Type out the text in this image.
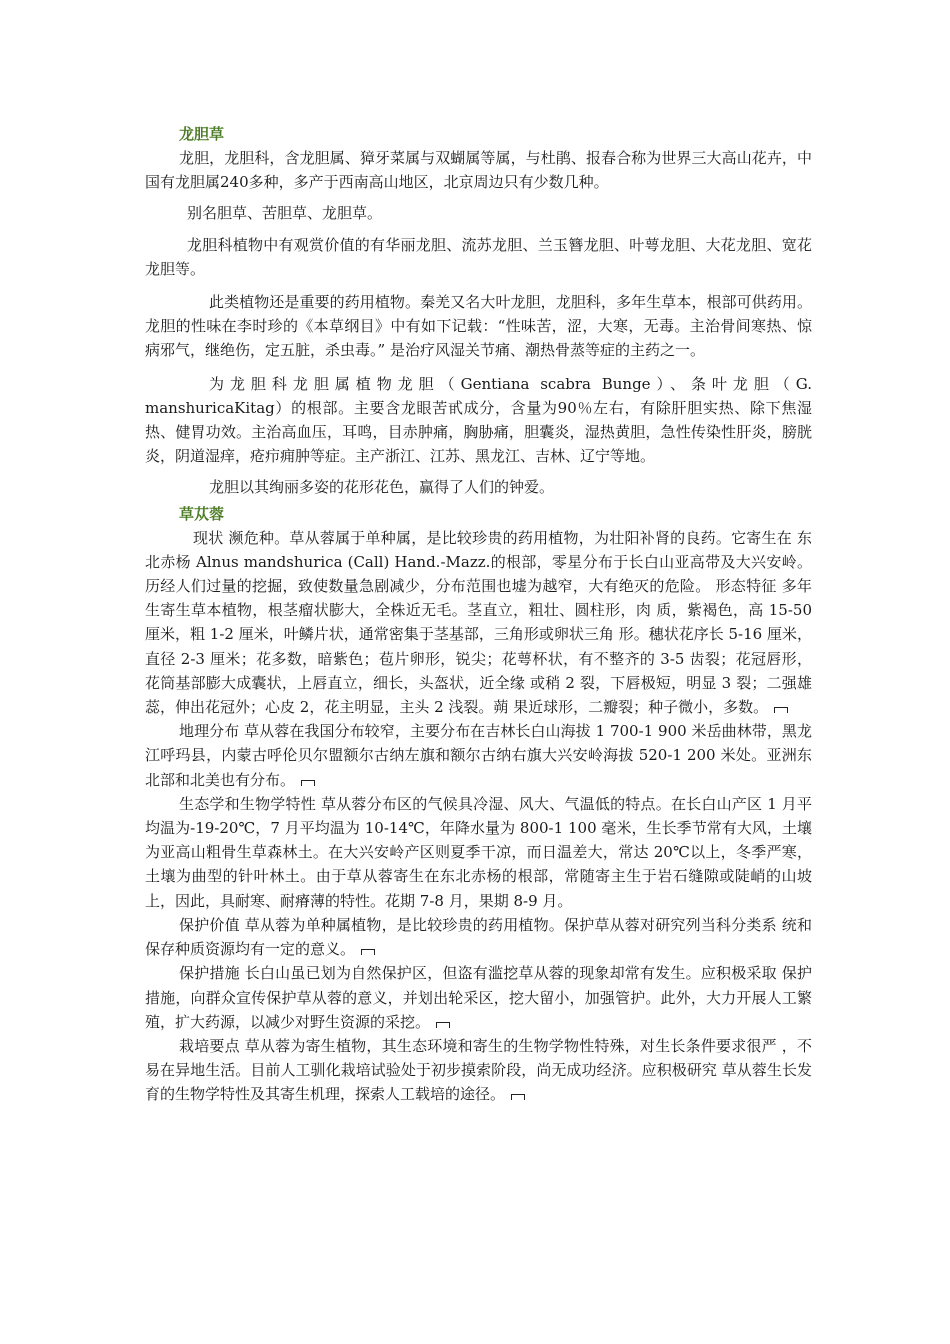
龙胆草

龙胆，龙胆科，含龙胆属、獐牙菜属与双蝴属等属，与杜鹃、报春合称为世界三大高山花卉，中国有龙胆属240多种，多产于西南高山地区，北京周边只有少数几种。

别名胆草、苦胆草、龙胆草。

龙胆科植物中有观赏价值的有华丽龙胆、流苏龙胆、兰玉簪龙胆、叶萼龙胆、大花龙胆、宽花龙胆等。

此类植物还是重要的药用植物。秦羌又名大叶龙胆，龙胆科，多年生草本，根部可供药用。龙胆的性味在李时珍的《本草纲目》中有如下记载：“性味苦，涩，大寒，无毒。主治骨间寒热、惊病邪气，继绝伤，定五脏，杀虫毒。” 是治疗风湿关节痛、潮热骨蒸等症的主药之一。

为龙胆科龙胆属植物龙胆（Gentiana scabra Bunge）、条叶龙胆（G. manshuricaKitag）的根部。主要含龙眼苦甙成分，含量为90％左右，有除肝胆实热、除下焦湿热、健胃功效。主治高血压，耳鸣，目赤肿痛，胸胁痛，胆囊炎，湿热黄胆，急性传染性肝炎，膀胱炎，阴道湿痒，疮疖痈肿等症。主产浙江、江苏、黑龙江、吉林、辽宁等地。

龙胆以其绚丽多姿的花形花色，赢得了人们的钟爱。

草苁蓉

现状 濒危种。草从蓉属于单种属，是比较珍贵的药用植物，为壮阳补肾的良药。它寄生在 东北赤杨 Alnus mandshurica (Call) Hand.-Mazz.的根部，零星分布于长白山亚高带及大兴安岭。历经人们过量的挖掘，致使数量急剧减少，分布范围也墟为越窄，大有绝灭的危险。 形态特征 多年生寄生草本植物，根茎瘤状膨大，全株近无毛。茎直立，粗壮、圆柱形，肉 质，紫褐色，高 15-50 厘米，粗 1-2 厘米，叶鳞片状，通常密集于茎基部，三角形或卵状三角 形。穗状花序长 5-16 厘米，直径 2-3 厘米；花多数，暗紫色；苞片卵形，锐尖；花萼杯状，有不整齐的 3-5 齿裂；花冠唇形，花筒基部膨大成囊状，上唇直立，细长，头盔状，近全缘 或稍 2 裂，下唇极短，明显 3 裂；二强雄蕊，伸出花冠外；心皮 2，花主明显，主头 2 浅裂。蒴 果近球形，二瓣裂；种子微小，多数。

地理分布 草从蓉在我国分布较窄，主要分布在吉林长白山海拔 1 700-1 900 米岳曲林带，黑龙江呼玛县，内蒙古呼伦贝尔盟额尔古纳左旗和额尔古纳右旗大兴安岭海拔 520-1 200 米处。亚洲东北部和北美也有分布。

生态学和生物学特性 草从蓉分布区的气候具冷湿、风大、气温低的特点。在长白山产区 1 月平均温为-19-20℃，7 月平均温为 10-14℃，年降水量为 800-1 100 毫米，生长季节常有大风，土壤为亚高山粗骨生草森林土。在大兴安岭产区则夏季干凉，而日温差大，常达 20℃以上，冬季严寒，土壤为曲型的针叶林土。由于草从蓉寄生在东北赤杨的根部，常随寄主生于岩石缝隙或陡峭的山坡上，因此，具耐寒、耐瘠薄的特性。花期 7-8 月，果期 8-9 月。

保护价值 草从蓉为单种属植物，是比较珍贵的药用植物。保护草从蓉对研究列当科分类系 统和保存种质资源均有一定的意义。

保护措施 长白山虽已划为自然保护区，但盗有滥挖草从蓉的现象却常有发生。应积极采取 保护措施，向群众宣传保护草从蓉的意义，并划出轮采区，挖大留小，加强管护。此外，大力开展人工繁殖，扩大药源，以减少对野生资源的采挖。

栽培要点 草从蓉为寄生植物，其生态环境和寄生的生物学物性特殊，对生长条件要求很严 ，不易在异地生活。目前人工驯化栽培试验处于初步摸索阶段，尚无成功经济。应积极研究 草从蓉生长发育的生物学特性及其寄生机理，探索人工载培的途径。
